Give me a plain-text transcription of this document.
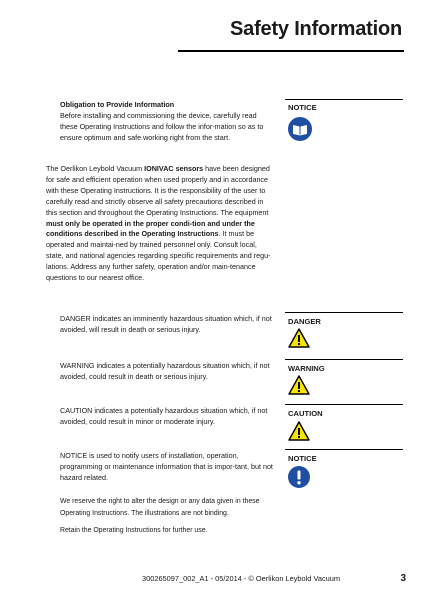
Safety Information
Obligation to Provide Information
Before installing and commissioning the device, carefully read these Operating Instructions and follow the infor-mation so as to ensure optimum and safe working right from the start.
NOTICE
The Oerlikon Leybold Vacuum IONIVAC sensors have been designed for safe and efficient operation when used properly and in accordance with these Operating Instructions. It is the responsibility of the user to carefully read and strictly observe all safety precautions described in this section and throughout the Operating Instructions. The equipment must only be operated in the proper condi-tion and under the conditions described in the Operating Instructions. It must be operated and maintai-ned by trained personnel only. Consult local, state, and national agencies regarding specific requirements and regu-lations. Address any further safety, operation and/or main-tenance questions to our nearest office.
DANGER
DANGER indicates an imminently hazardous situation which, if not avoided, will result in death or serious injury.
WARNING
WARNING indicates a potentially hazardous situation which, if not avoided, could result in death or serious injury.
CAUTION
CAUTION indicates a potentially hazardous situation which, if not avoided, could result in minor or moderate injury.
NOTICE
NOTICE is used to notify users of installation, operation, programming or maintenance information that is impor-tant, but not hazard related.
We reserve the right to alter the design or any data given in these Operating Instructions. The illustrations are not binding.
Retain the Operating Instructions for further use.
300265097_002_A1 - 05/2014 - © Oerlikon Leybold Vacuum	3
